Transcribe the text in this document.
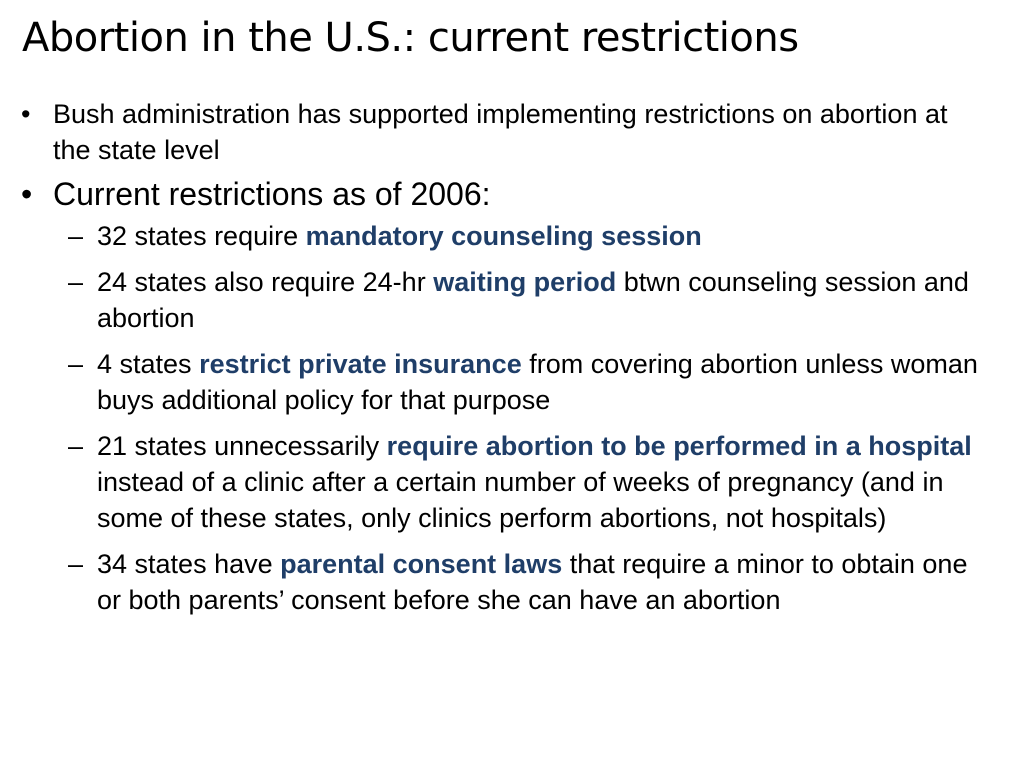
Abortion in the U.S.: current restrictions
• Bush administration has supported implementing restrictions on abortion at the state level
• Current restrictions as of 2006:
– 32 states require mandatory counseling session
– 24 states also require 24-hr waiting period btwn counseling session and abortion
– 4 states restrict private insurance from covering abortion unless woman buys additional policy for that purpose
– 21 states unnecessarily require abortion to be performed in a hospital instead of a clinic after a certain number of weeks of pregnancy (and in some of these states, only clinics perform abortions, not hospitals)
– 34 states have parental consent laws that require a minor to obtain one or both parents’ consent before she can have an abortion
